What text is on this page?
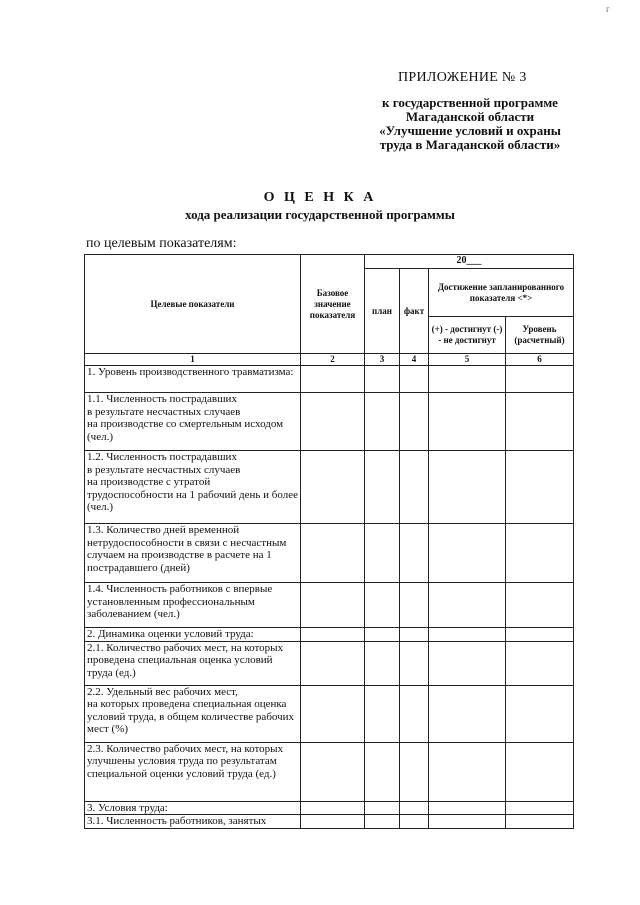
ПРИЛОЖЕНИЕ № 3
к государственной программе
Магаданской области
«Улучшение условий и охраны
труда в Магаданской области»
г
О Ц Е Н К А
хода реализации государственной программы
по целевым показателям:
Целевые показатели	Базовое значение показателя	20___			
		план	факт	Достижение запланированного показателя <*>	
				(+) - достигнут (-) - не достигнут	Уровень (расчетный)
1	2	3	4	5	6
1. Уровень производственного травматизма:					
1.1. Численность пострадавших
в результате несчастных случаев
на производстве со смертельным исходом (чел.)					
1.2. Численность пострадавших
в результате несчастных случаев
на производстве с утратой трудоспособности на 1 рабочий день и более (чел.)					
1.3. Количество дней временной нетрудоспособности в связи с несчастным случаем на производстве в расчете на 1 пострадавшего (дней)					
1.4. Численность работников с впервые установленным профессиональным заболеванием (чел.)					
2. Динамика оценки условий труда:					
2.1. Количество рабочих мест, на которых проведена специальная оценка условий труда (ед.)					
2.2. Удельный вес рабочих мест,
на которых проведена специальная оценка условий труда, в общем количестве рабочих мест (%)					
2.3. Количество рабочих мест, на которых улучшены условия труда по результатам специальной оценки условий труда (ед.)					
3. Условия труда:					
3.1. Численность работников, занятых					
